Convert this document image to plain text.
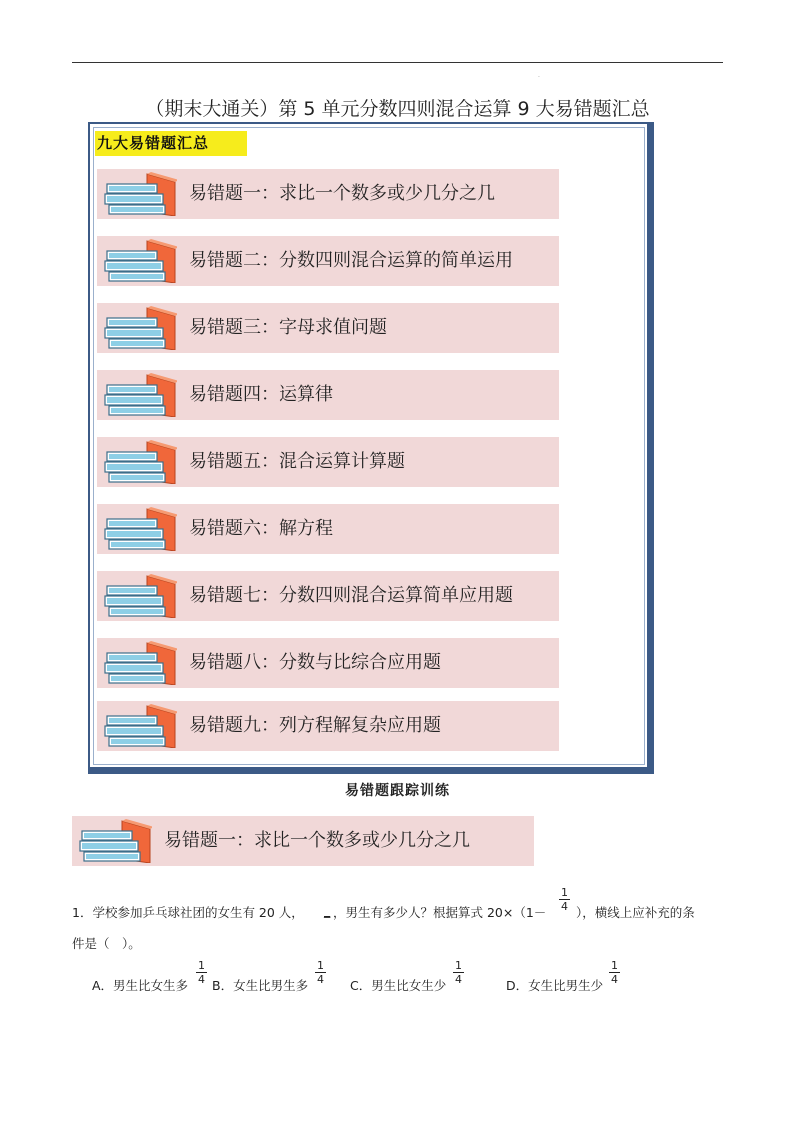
.
（期末大通关）第 5 单元分数四则混合运算 9 大易错题汇总
九大易错题汇总
易错题一：求比一个数多或少几分之几
易错题二：分数四则混合运算的简单运用
易错题三：字母求值问题
易错题四：运算律
易错题五：混合运算计算题
易错题六：解方程
易错题七：分数四则混合运算简单应用题
易错题八：分数与比综合应用题
易错题九：列方程解复杂应用题
易错题跟踪训练
易错题一：求比一个数多或少几分之几
1．学校参加乒乓球社团的女生有 20 人， _ ，男生有多少人？根据算式 $20\times(1- \frac{1}{4}$ ），横线上应补充的条
件是（　）。
A．男生比女生多 $\frac{1}{4}$ B．女生比男生多 $\frac{1}{4}$ C．男生比女生少 $\frac{1}{4}$	D．女生比男生少 $\frac{1}{4}$
